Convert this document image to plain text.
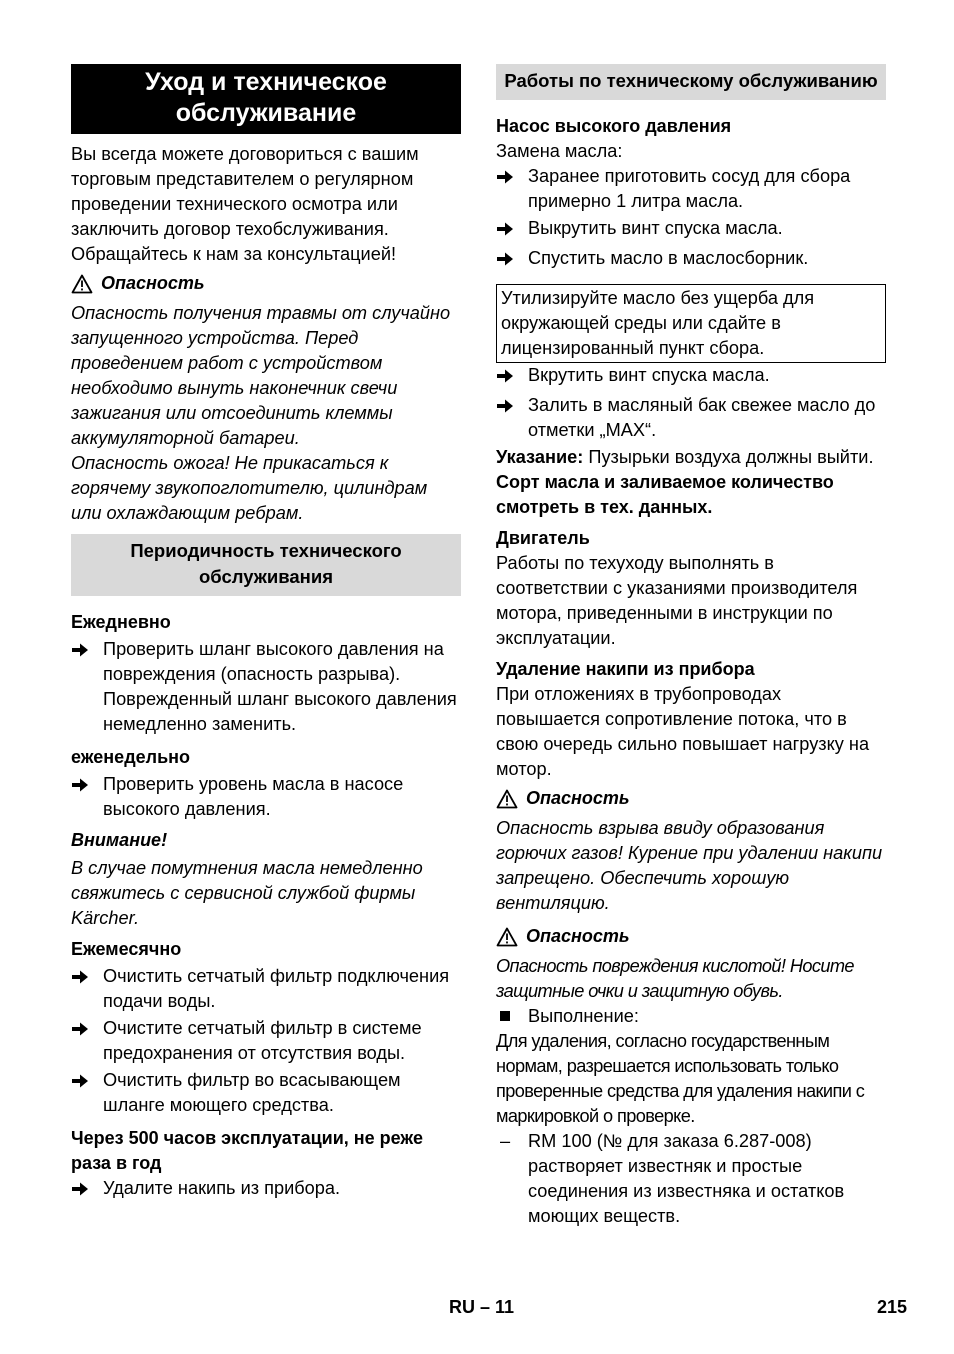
Уход и техническое обслуживание

Вы всегда можете договориться с вашим торговым представителем о регулярном проведении технического осмотра или заключить договор техобслуживания. Обращайтесь к нам за консультацией!

Опасность

Опасность получения травмы от случайно запущенного устройства. Перед проведением работ с устройством необходимо вынуть наконечник свечи зажигания или отсоединить клеммы аккумуляторной батареи.

Опасность ожога! Не прикасаться к горячему звукопоглотителю, цилиндрам или охлаждающим ребрам.

Периодичность технического обслуживания

Ежедневно

Проверить шланг высокого давления на повреждения (опасность разрыва). Поврежденный шланг высокого давления немедленно заменить.

еженедельно

Проверить уровень масла в насосе высокого давления.

Внимание!

В случае помутнения масла немедленно свяжитесь с сервисной службой фирмы Kärcher.

Ежемесячно

Очистить сетчатый фильтр подключения подачи воды.
Очистите сетчатый фильтр в системе предохранения от отсутствия воды.
Очистить фильтр во всасывающем шланге моющего средства.

Через 500 часов эксплуатации, не реже раза в год

Удалите накипь из прибора.
Работы по техническому обслуживанию

Насос высокого давления

Замена масла:

Заранее приготовить сосуд для сбора примерно 1 литра масла.
Выкрутить винт спуска масла.
Спустить масло в маслосборник.
Утилизируйте масло без ущерба для окружающей среды или сдайте в лицензированный пункт сбора.
Вкрутить винт спуска масла.
Залить в масляный бак свежее масло до отметки „MAX“.

Указание: Пузырьки воздуха должны выйти.

Сорт масла и заливаемое количество смотреть в тех. данных.

Двигатель

Работы по техуходу выполнять в соответствии с указаниями производителя мотора, приведенными в инструкции по эксплуатации.

Удаление накипи из прибора

При отложениях в трубопроводах повышается сопротивление потока, что в свою очередь сильно повышает нагрузку на мотор.

Опасность

Опасность взрыва ввиду образования горючих газов! Курение при удалении накипи запрещено. Обеспечить хорошую вентиляцию.

Опасность

Опасность повреждения кислотой! Носите защитные очки и защитную обувь.

Выполнение:

Для удаления, согласно государственным нормам, разрешается использовать только проверенные средства для удаления накипи с маркировкой о проверке.

– RM 100 (№ для заказа 6.287-008) растворяет известняк и простые соединения из известняка и остатков моющих веществ.
RU – 11	215
